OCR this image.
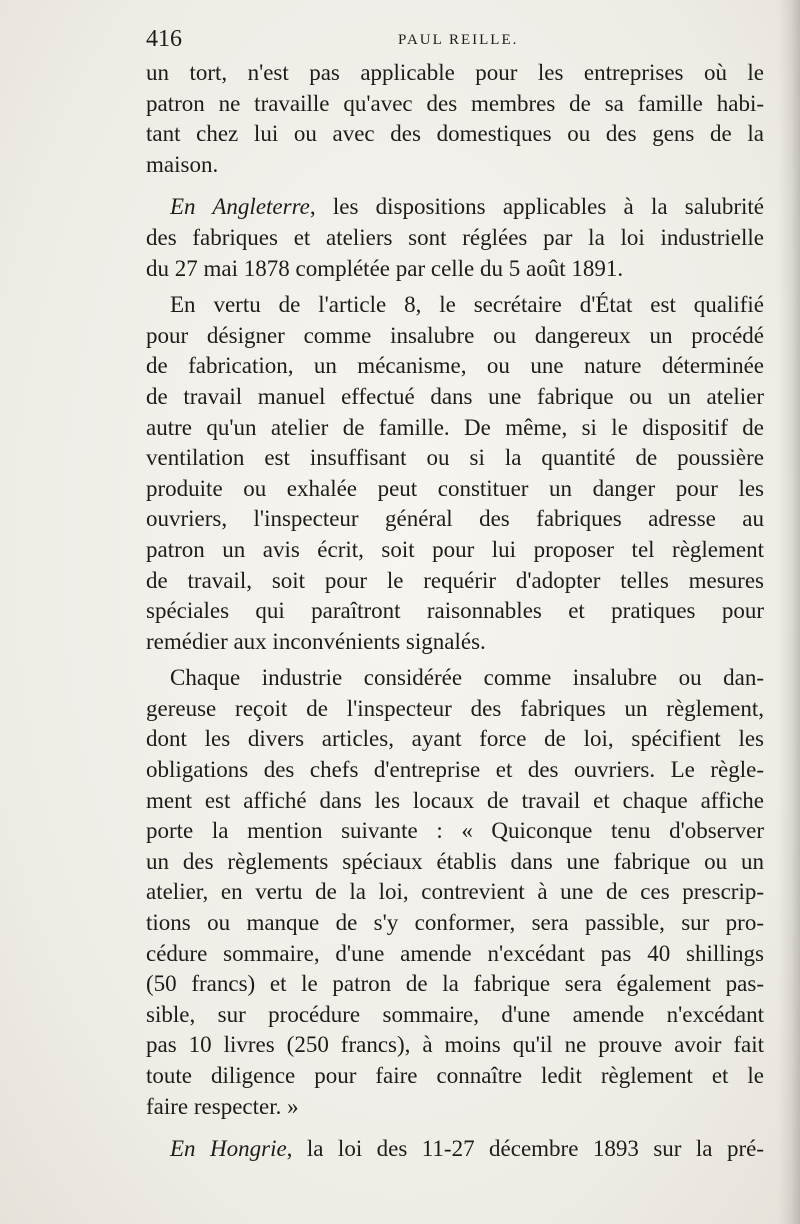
416	PAUL REILLE.
un tort, n'est pas applicable pour les entreprises où le
patron ne travaille qu'avec des membres de sa famille habi-
tant chez lui ou avec des domestiques ou des gens de la
maison.
En Angleterre, les dispositions applicables à la salubrité
des fabriques et ateliers sont réglées par la loi industrielle
du 27 mai 1878 complétée par celle du 5 août 1891.
En vertu de l'article 8, le secrétaire d'État est qualifié
pour désigner comme insalubre ou dangereux un procédé
de fabrication, un mécanisme, ou une nature déterminée
de travail manuel effectué dans une fabrique ou un atelier
autre qu'un atelier de famille. De même, si le dispositif de
ventilation est insuffisant ou si la quantité de poussière
produite ou exhalée peut constituer un danger pour les
ouvriers, l'inspecteur général des fabriques adresse au
patron un avis écrit, soit pour lui proposer tel règlement
de travail, soit pour le requérir d'adopter telles mesures
spéciales qui paraîtront raisonnables et pratiques pour
remédier aux inconvénients signalés.
Chaque industrie considérée comme insalubre ou dan-
gereuse reçoit de l'inspecteur des fabriques un règlement,
dont les divers articles, ayant force de loi, spécifient les
obligations des chefs d'entreprise et des ouvriers. Le règle-
ment est affiché dans les locaux de travail et chaque affiche
porte la mention suivante : « Quiconque tenu d'observer
un des règlements spéciaux établis dans une fabrique ou un
atelier, en vertu de la loi, contrevient à une de ces prescrip-
tions ou manque de s'y conformer, sera passible, sur pro-
cédure sommaire, d'une amende n'excédant pas 40 shillings
(50 francs) et le patron de la fabrique sera également pas-
sible, sur procédure sommaire, d'une amende n'excédant
pas 10 livres (250 francs), à moins qu'il ne prouve avoir fait
toute diligence pour faire connaître ledit règlement et le
faire respecter. »
En Hongrie, la loi des 11-27 décembre 1893 sur la pré-
